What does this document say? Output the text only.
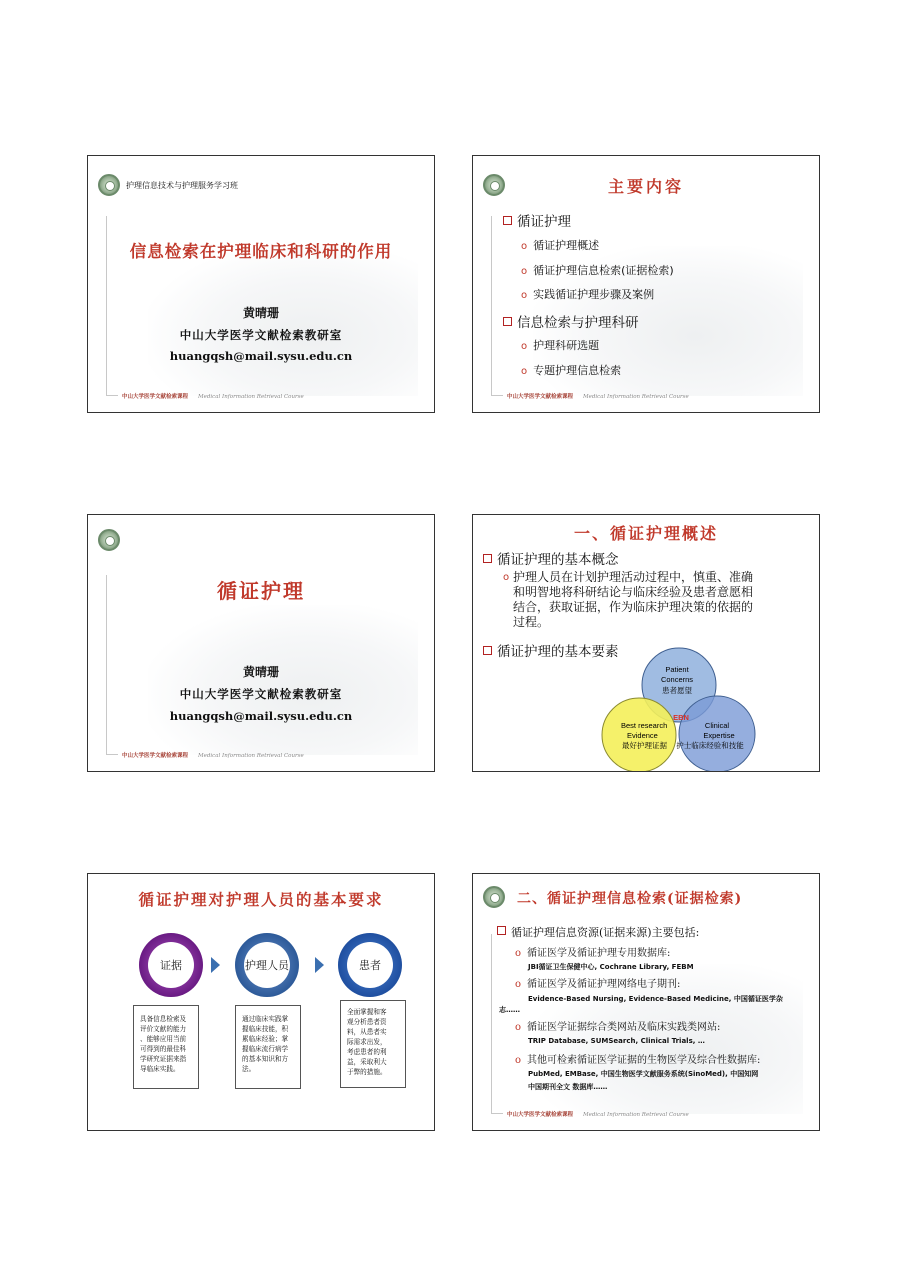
护理信息技术与护理服务学习班
信息检索在护理临床和科研的作用
黄晴珊
中山大学医学文献检索教研室
huangqsh@mail.sysu.edu.cn
中山大学医学文献检索课程 Medical Information Retrieval Course
主要内容
循证护理
o 循证护理概述
o 循证护理信息检索(证据检索)
o 实践循证护理步骤及案例
信息检索与护理科研
o 护理科研选题
o 专题护理信息检索
中山大学医学文献检索课程 Medical Information Retrieval Course
循证护理
黄晴珊
中山大学医学文献检索教研室
huangqsh@mail.sysu.edu.cn
中山大学医学文献检索课程 Medical Information Retrieval Course
一、循证护理概述
循证护理的基本概念
o 护理人员在计划护理活动过程中，慎重、准确
和明智地将科研结论与临床经验及患者意愿相
结合，获取证据，作为临床护理决策的依据的
过程。
循证护理的基本要素
Patient
Concerns
患者愿望
Best research
Evidence
最好护理证据
Clinical
Expertise
护士临床经验和技能
EBN
循证护理对护理人员的基本要求
证据	护理人员	患者
具备信息检索及
评价文献的能力
、能够应用当前
可得到的最佳科
学研究证据来指
导临床实践。
通过临床实践掌
握临床技能，积
累临床经验；掌
握临床流行病学
的基本知识和方
法。
全面掌握和客
观分析患者资
料，从患者实
际需求出发，
考虑患者的利
益，采取利大
于弊的措施。
二、循证护理信息检索(证据检索)
循证护理信息资源(证据来源)主要包括:
o 循证医学及循证护理专用数据库:
JBI循证卫生保健中心, Cochrane Library, FEBM
o 循证医学及循证护理网络电子期刊:
Evidence-Based Nursing, Evidence-Based Medicine, 中国循证医学杂
志……
o 循证医学证据综合类网站及临床实践类网站:
TRIP Database, SUMSearch, Clinical Trials, …
o 其他可检索循证医学证据的生物医学及综合性数据库:
PubMed, EMBase, 中国生物医学文献服务系统(SinoMed), 中国知网
中国期刊全文 数据库……
中山大学医学文献检索课程 Medical Information Retrieval Course
